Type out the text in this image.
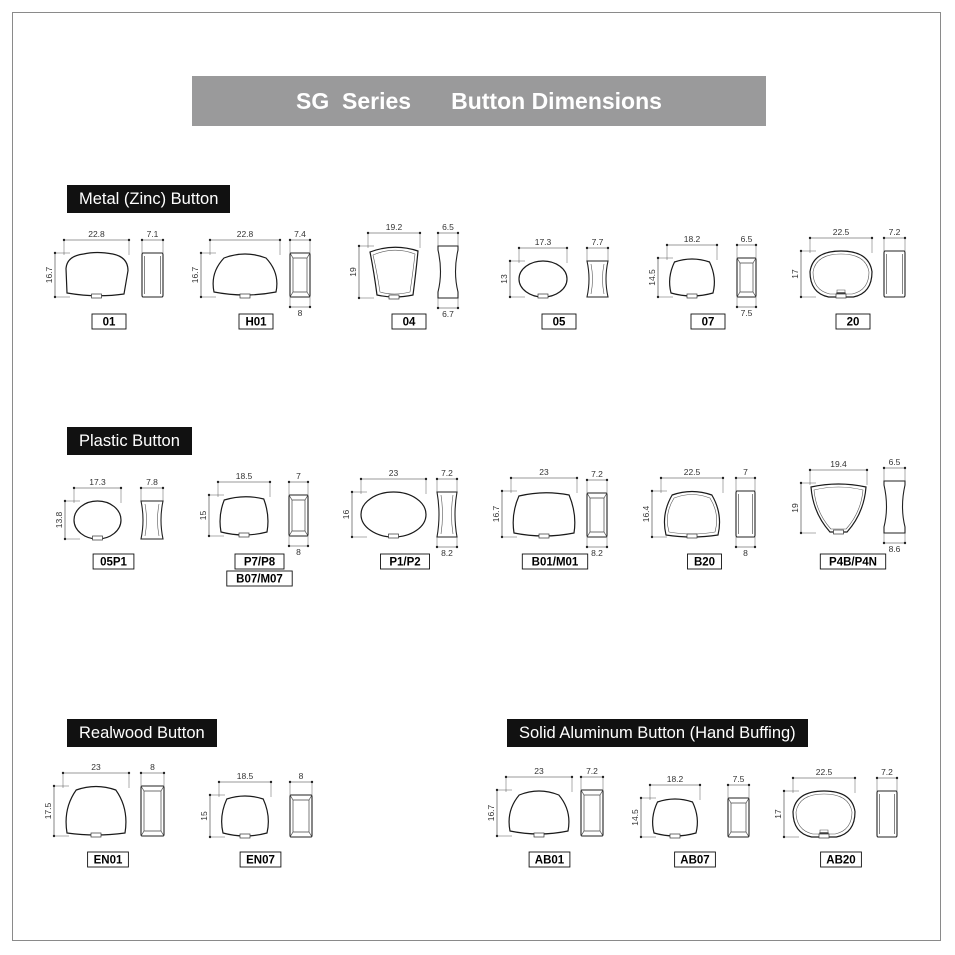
SG  Series Button Dimensions
Metal (Zinc) Button
Plastic Button
Realwood Button	Solid Aluminum Button (Hand Buffing)
22.8
16.7
7.1
01
22.8
16.7
7.4
8
H01
19.2
19
6.5
6.7
04
17.3
13
7.7
05
18.2
14.5
6.5
7.5
07
22.5
17
7.2
20
17.3
13.8
7.8
05P1
18.5
15
7
8
P7/P8
B07/M07
23
16
7.2
8.2
P1/P2
23
16.7
7.2
8.2
B01/M01
22.5
16.4
7
8
B20
19.4
19
6.5
8.6
P4B/P4N
23
17.5
8
EN01
18.5
15
8
EN07
23
16.7
7.2
AB01
18.2
14.5
7.5
AB07
22.5
17
7.2
AB20
